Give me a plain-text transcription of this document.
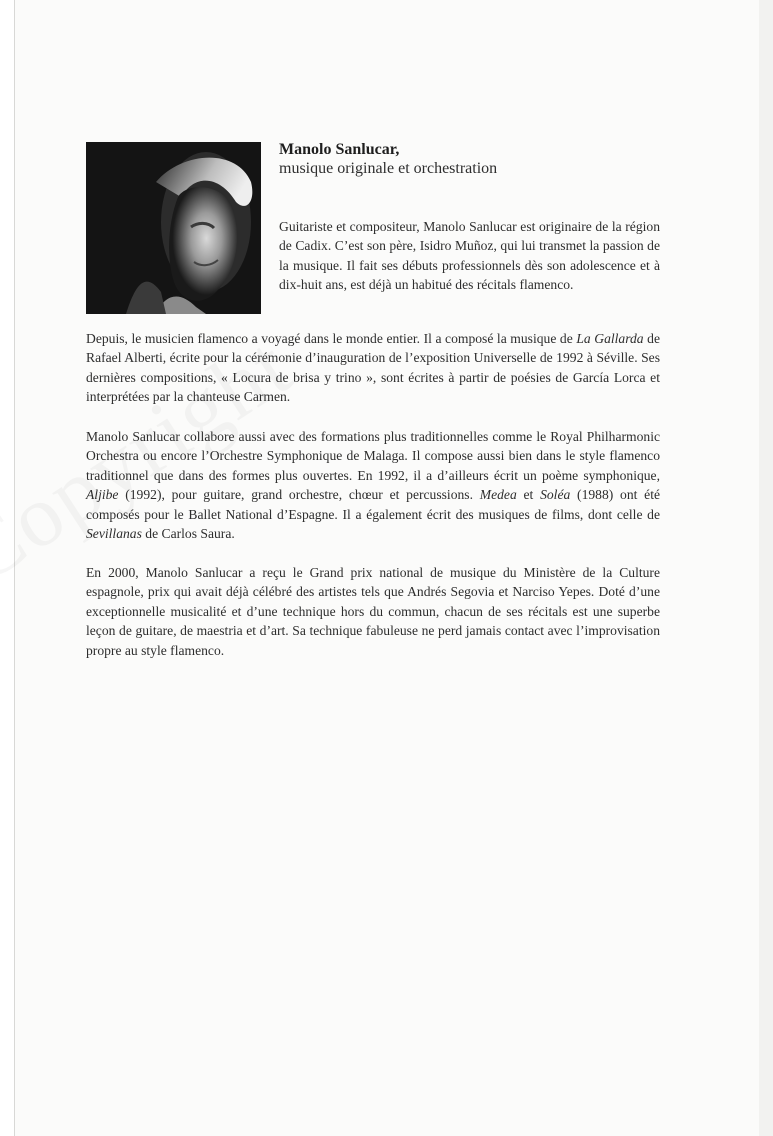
Manolo Sanlucar,
musique originale et orchestration

Guitariste et compositeur, Manolo Sanlucar est originaire de la région de Cadix. C’est son père, Isidro Muñoz, qui lui transmet la passion de la musique. Il fait ses débuts professionnels dès son adolescence et à dix-huit ans, est déjà un habitué des récitals flamenco.

Depuis, le musicien flamenco a voyagé dans le monde entier. Il a composé la musique de La Gallarda de Rafael Alberti, écrite pour la cérémonie d’inauguration de l’exposition Universelle de 1992 à Séville. Ses dernières compositions, « Locura de brisa y trino », sont écrites à partir de poésies de García Lorca et interprétées par la chanteuse Carmen.

Manolo Sanlucar collabore aussi avec des formations plus traditionnelles comme le Royal Philharmonic Orchestra ou encore l’Orchestre Symphonique de Malaga. Il compose aussi bien dans le style flamenco traditionnel que dans des formes plus ouvertes. En 1992, il a d’ailleurs écrit un poème symphonique, Aljibe (1992), pour guitare, grand orchestre, chœur et percussions. Medea et Soléa (1988) ont été composés pour le Ballet National d’Espagne. Il a également écrit des musiques de films, dont celle de Sevillanas de Carlos Saura.

En 2000, Manolo Sanlucar a reçu le Grand prix national de musique du Ministère de la Culture espagnole, prix qui avait déjà célébré des artistes tels que Andrés Segovia et Narciso Yepes. Doté d’une exceptionnelle musicalité et d’une technique hors du commun, chacun de ses récitals est une superbe leçon de guitare, de maestria et d’art. Sa technique fabuleuse ne perd jamais contact avec l’improvisation propre au style flamenco.
